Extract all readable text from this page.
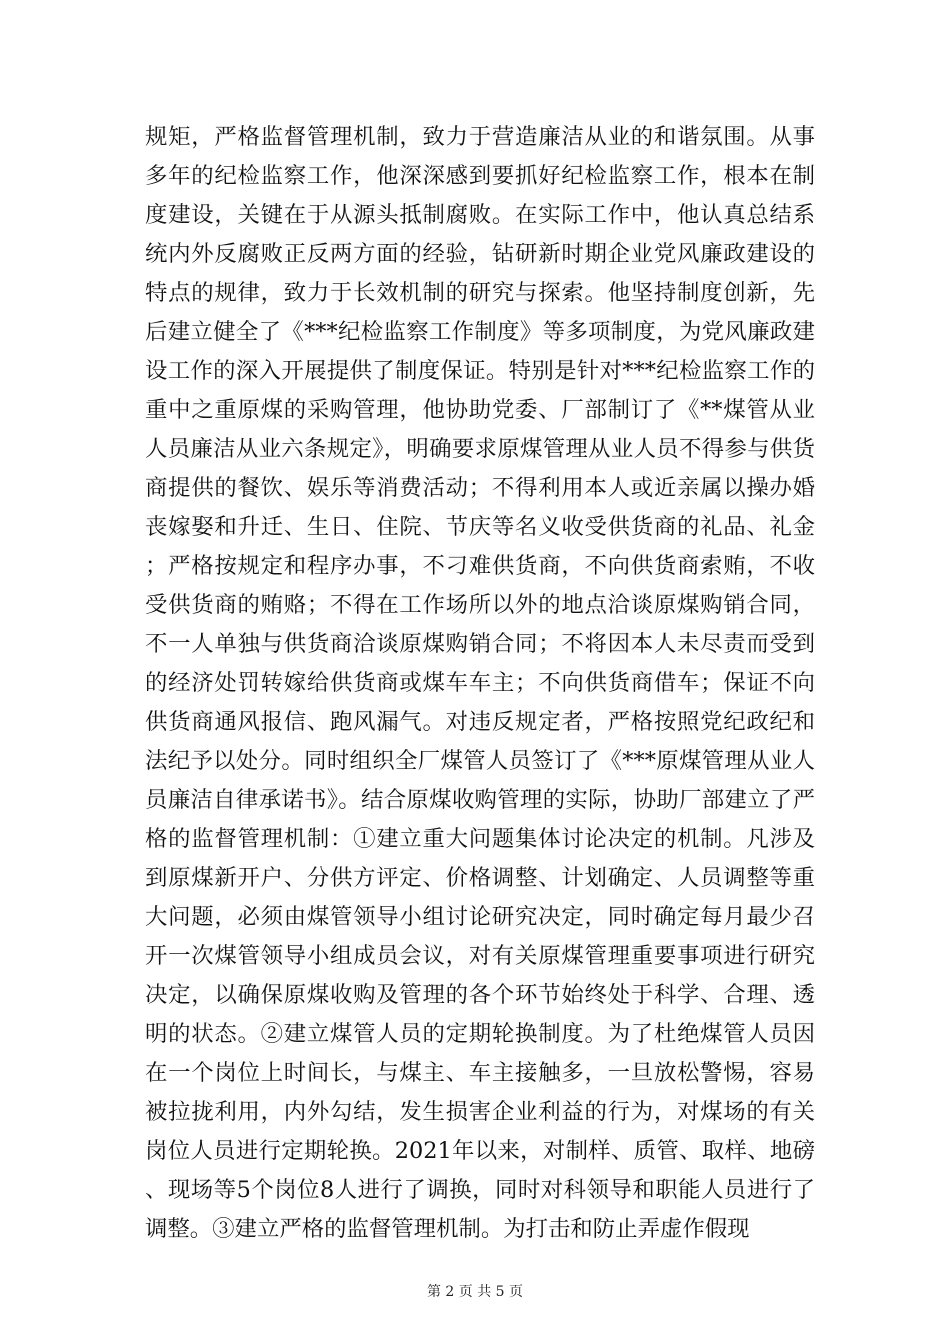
规矩，严格监督管理机制，致力于营造廉洁从业的和谐氛围。从事多年的纪检监察工作，他深深感到要抓好纪检监察工作，根本在制度建设，关键在于从源头抵制腐败。在实际工作中，他认真总结系统内外反腐败正反两方面的经验，钻研新时期企业党风廉政建设的特点的规律，致力于长效机制的研究与探索。他坚持制度创新，先后建立健全了《***纪检监察工作制度》等多项制度，为党风廉政建设工作的深入开展提供了制度保证。特别是针对***纪检监察工作的重中之重原煤的采购管理，他协助党委、厂部制订了《**煤管从业人员廉洁从业六条规定》，明确要求原煤管理从业人员不得参与供货商提供的餐饮、娱乐等消费活动；不得利用本人或近亲属以操办婚丧嫁娶和升迁、生日、住院、节庆等名义收受供货商的礼品、礼金；严格按规定和程序办事，不刁难供货商，不向供货商索贿，不收受供货商的贿赂；不得在工作场所以外的地点洽谈原煤购销合同，不一人单独与供货商洽谈原煤购销合同；不将因本人未尽责而受到的经济处罚转嫁给供货商或煤车车主；不向供货商借车；保证不向供货商通风报信、跑风漏气。对违反规定者，严格按照党纪政纪和法纪予以处分。同时组织全厂煤管人员签订了《***原煤管理从业人员廉洁自律承诺书》。结合原煤收购管理的实际，协助厂部建立了严格的监督管理机制：①建立重大问题集体讨论决定的机制。凡涉及到原煤新开户、分供方评定、价格调整、计划确定、人员调整等重大问题，必须由煤管领导小组讨论研究决定，同时确定每月最少召开一次煤管领导小组成员会议，对有关原煤管理重要事项进行研究决定，以确保原煤收购及管理的各个环节始终处于科学、合理、透明的状态。②建立煤管人员的定期轮换制度。为了杜绝煤管人员因在一个岗位上时间长，与煤主、车主接触多，一旦放松警惕，容易被拉拢利用，内外勾结，发生损害企业利益的行为，对煤场的有关岗位人员进行定期轮换。2021年以来，对制样、质管、取样、地磅、现场等5个岗位8人进行了调换，同时对科领导和职能人员进行了调整。③建立严格的监督管理机制。为打击和防止弄虚作假现

第 2 页 共 5 页
